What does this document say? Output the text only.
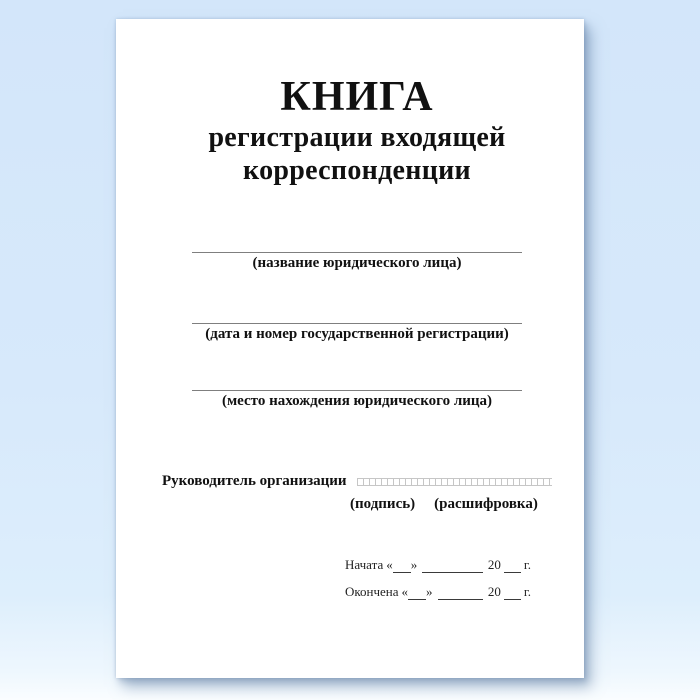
КНИГА
регистрации входящей
корреспонденции
(название юридического лица)
(дата и номер государственной регистрации)
(место нахождения юридического лица)
Руководитель организации
(подпись) (расшифровка)
Начата « »	20 г.
Окончена « »	20 г.
